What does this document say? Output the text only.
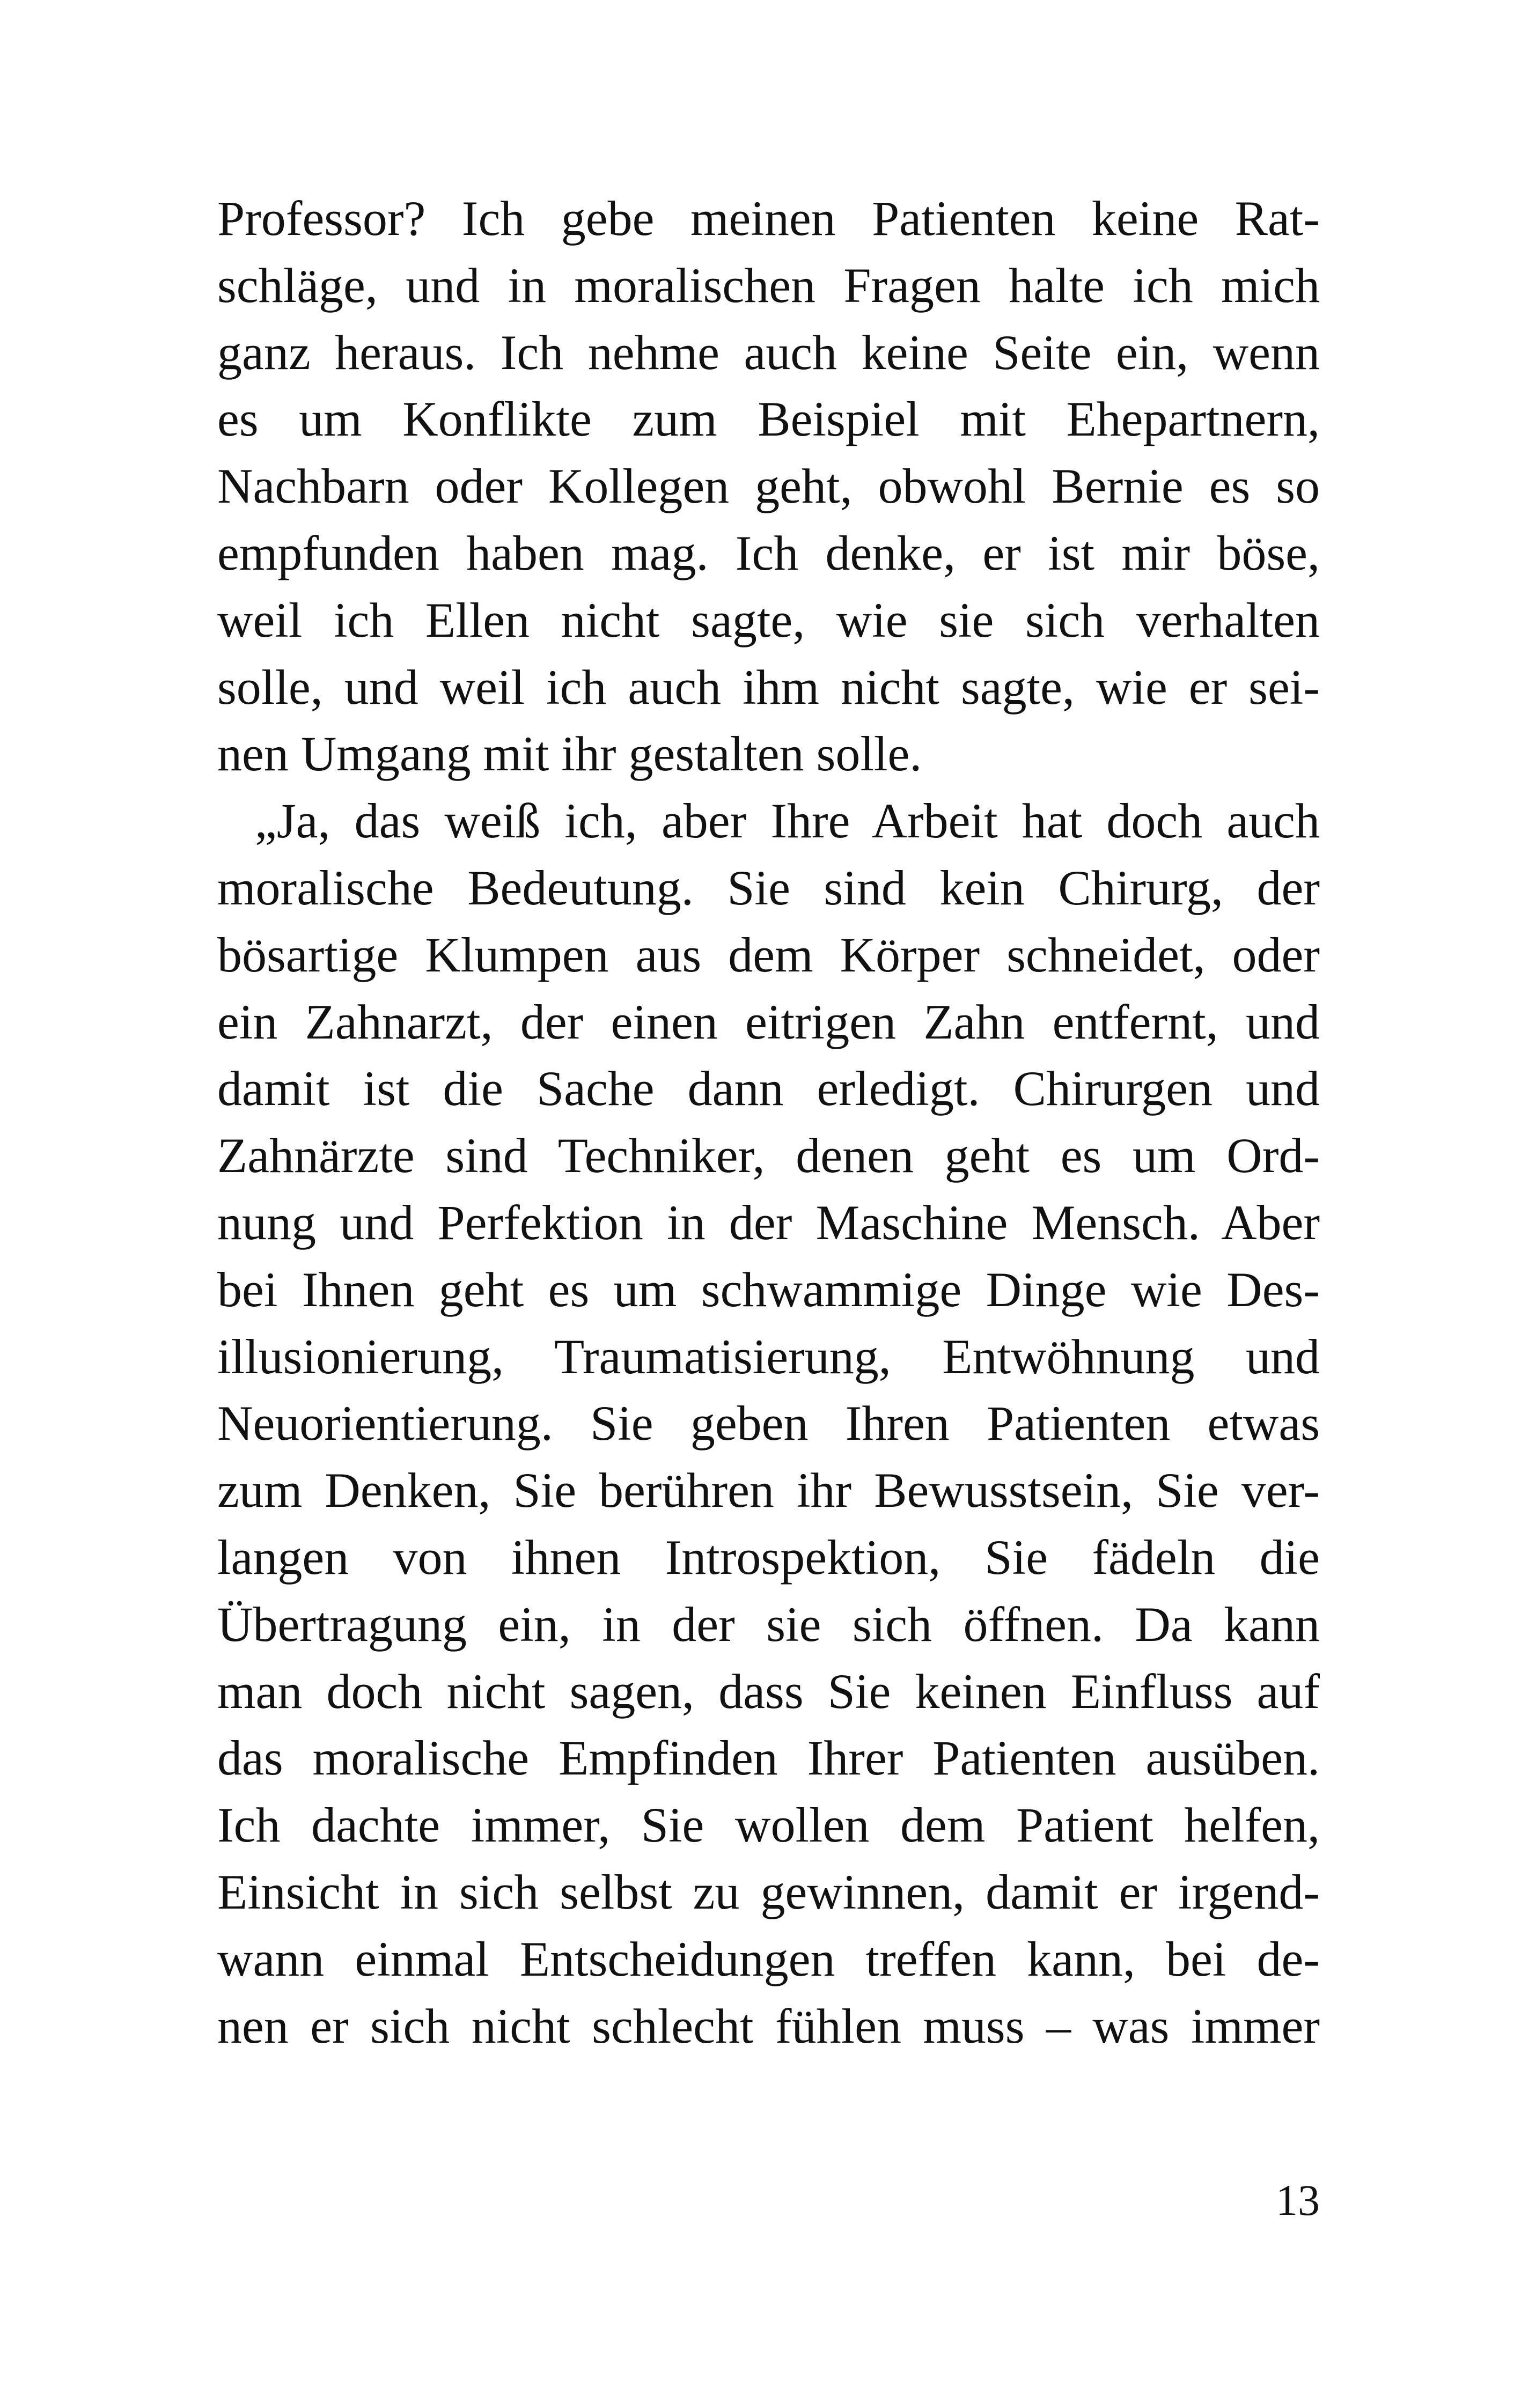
Professor? Ich gebe meinen Patienten keine Rat-
schläge, und in moralischen Fragen halte ich mich
ganz heraus. Ich nehme auch keine Seite ein, wenn
es um Konflikte zum Beispiel mit Ehepartnern,
Nachbarn oder Kollegen geht, obwohl Bernie es so
empfunden haben mag. Ich denke, er ist mir böse,
weil ich Ellen nicht sagte, wie sie sich verhalten
solle, und weil ich auch ihm nicht sagte, wie er sei-
nen Umgang mit ihr gestalten solle.
„Ja, das weiß ich, aber Ihre Arbeit hat doch auch
moralische Bedeutung. Sie sind kein Chirurg, der
bösartige Klumpen aus dem Körper schneidet, oder
ein Zahnarzt, der einen eitrigen Zahn entfernt, und
damit ist die Sache dann erledigt. Chirurgen und
Zahnärzte sind Techniker, denen geht es um Ord-
nung und Perfektion in der Maschine Mensch. Aber
bei Ihnen geht es um schwammige Dinge wie Des-
illusionierung, Traumatisierung, Entwöhnung und
Neuorientierung. Sie geben Ihren Patienten etwas
zum Denken, Sie berühren ihr Bewusstsein, Sie ver-
langen von ihnen Introspektion, Sie fädeln die
Übertragung ein, in der sie sich öffnen. Da kann
man doch nicht sagen, dass Sie keinen Einfluss auf
das moralische Empfinden Ihrer Patienten ausüben.
Ich dachte immer, Sie wollen dem Patient helfen,
Einsicht in sich selbst zu gewinnen, damit er irgend-
wann einmal Entscheidungen treffen kann, bei de-
nen er sich nicht schlecht fühlen muss – was immer
13
